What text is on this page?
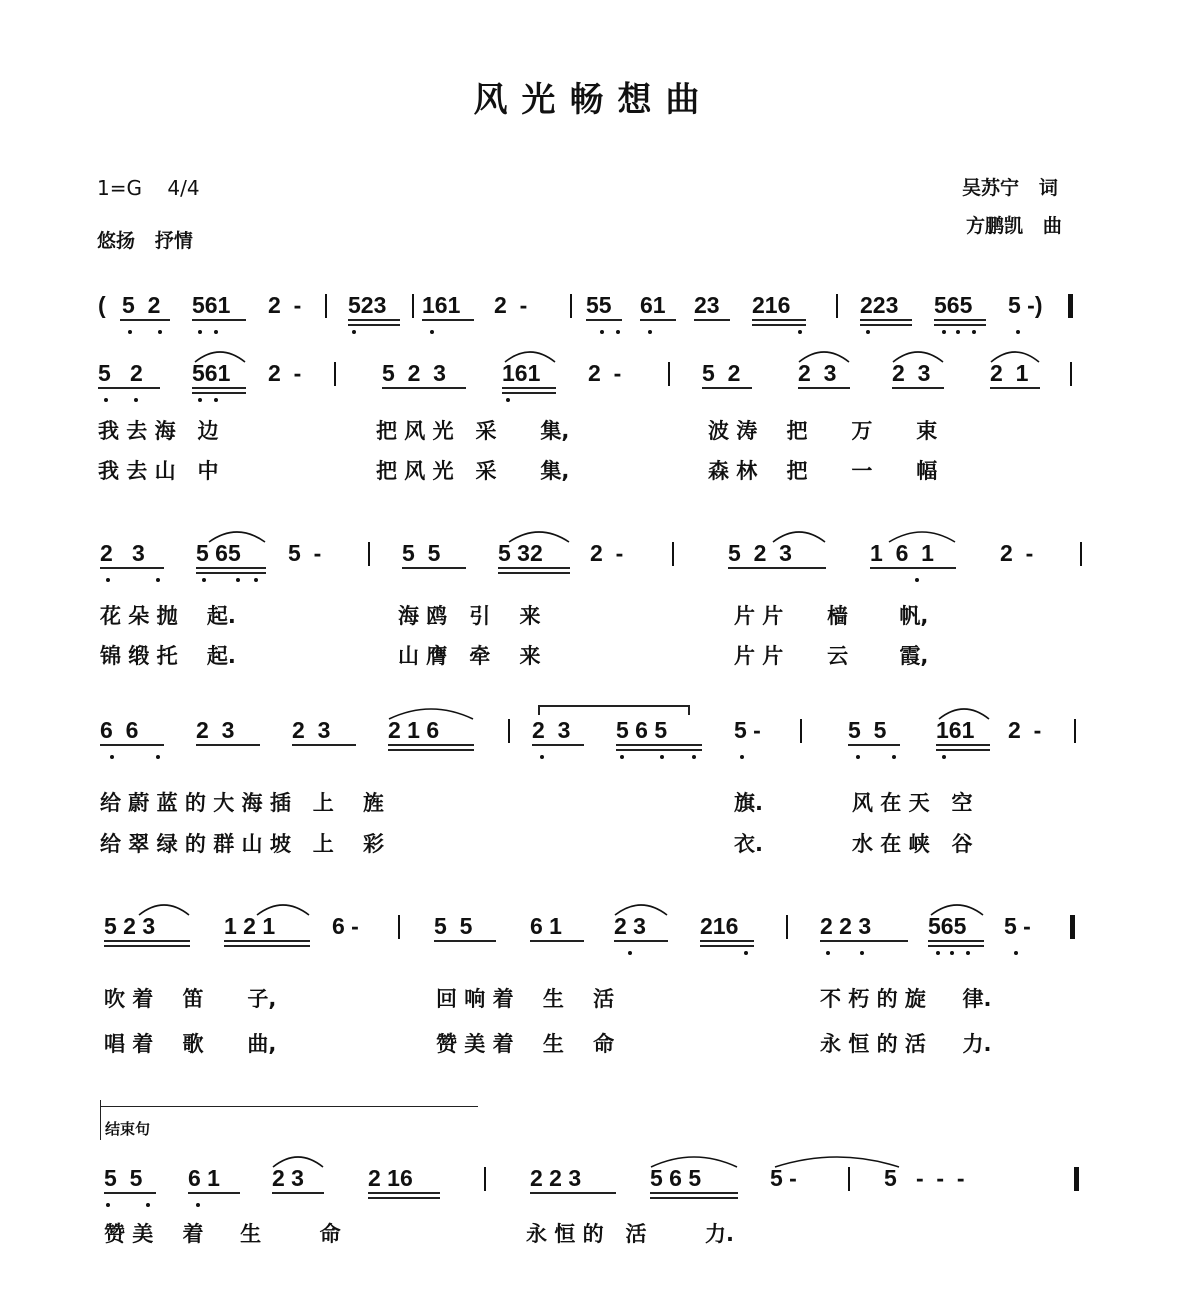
风光畅想曲
1=G    4/4
悠扬   抒情
吴苏宁   词
方鹏凯   曲
( 5  2 561 2  - 523 161 2  -	55 61 23 216	223 565 5 -)
5   2 561 2  -	5  2  3 161 2  -	5  2	2  3 2  3	2  1
我 去 海   边	把 风 光   采      集,	波 涛    把      万      束
我 去 山   中	把 风 光   采      集,	森 林    把      一      幅
2   3 5 65 5  -	5  5	5 32 2  -	5  2  3	1  6  1	2  -
花 朵 抛    起.	海 鸥   引    来	片 片      樯       帆,
锦 缎 托    起.	山 膺   牵    来	片 片      云       霞,
6  6	2  3	2  3	2 1 6	2  3 5 6 5	5 -	5  5 161 2  -
给 蔚 蓝 的 大 海 插   上    旌	旗.	风 在 天   空
给 翠 绿 的 群 山 坡   上    彩	衣.	水 在 峡   谷
5 2 3	1 2 1 6 -	5  5	6 1 2 3 216	2 2 3 565 5 -
吹 着    笛      子,	回 响 着    生    活	不 朽 的 旋     律.
唱 着    歌      曲,	赞 美 着    生    命	永 恒 的 活     力.
5  5 6 1 2 3	2 16	2 2 3	5 6 5	5 -	5   -  -  -
赞 美    着     生        命	永 恒 的   活        力.
结束句
